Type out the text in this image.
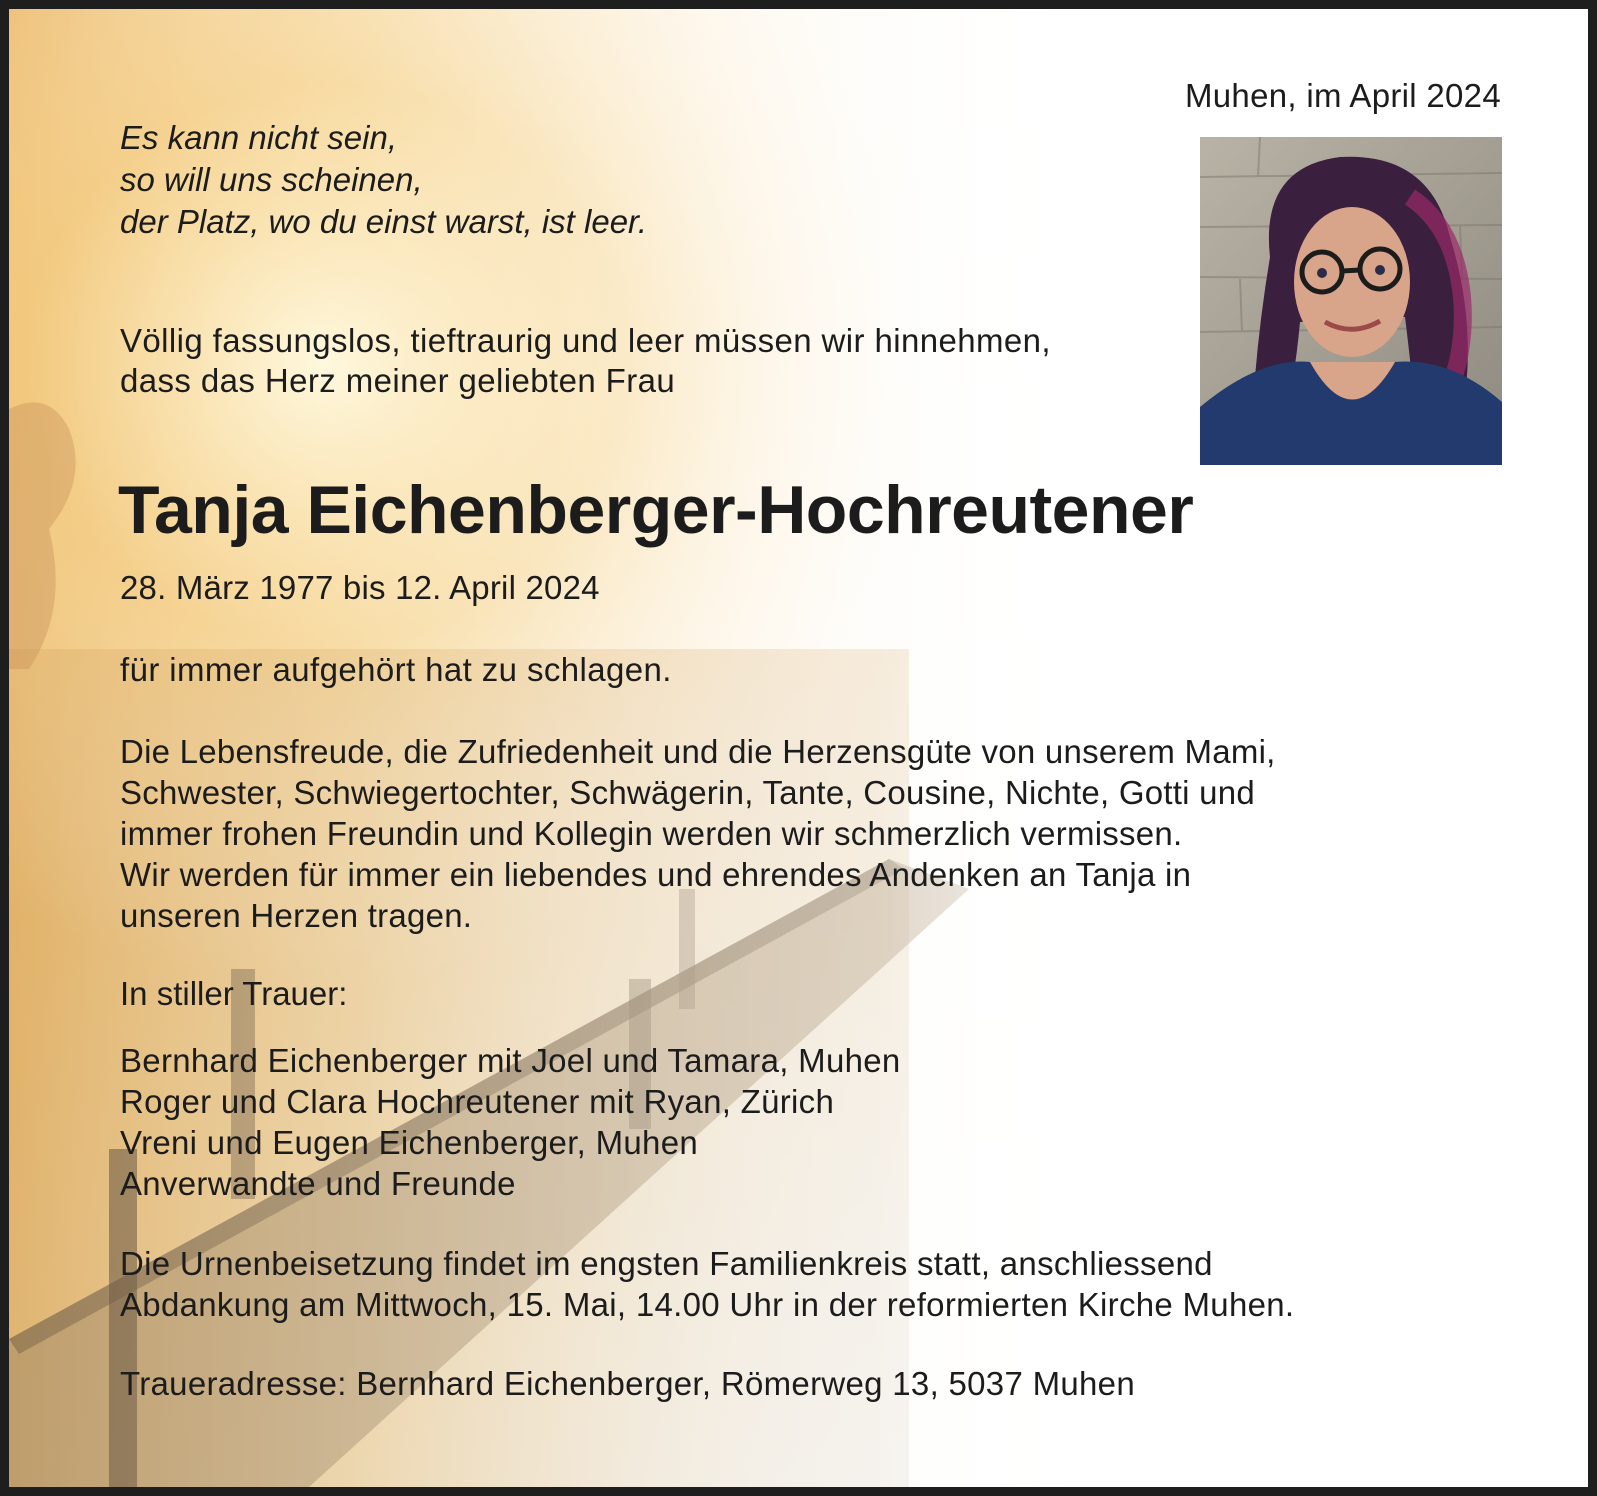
Muhen, im April 2024
Es kann nicht sein,
so will uns scheinen,
der Platz, wo du einst warst, ist leer.
Völlig fassungslos, tieftraurig und leer müssen wir hinnehmen,
dass das Herz meiner geliebten Frau
Tanja Eichenberger-Hochreutener
28. März 1977 bis 12. April 2024
für immer aufgehört hat zu schlagen.
Die Lebensfreude, die Zufriedenheit und die Herzensgüte von unserem Mami,
Schwester, Schwiegertochter, Schwägerin, Tante, Cousine, Nichte, Gotti und
immer frohen Freundin und Kollegin werden wir schmerzlich vermissen.
Wir werden für immer ein liebendes und ehrendes Andenken an Tanja in
unseren Herzen tragen.
In stiller Trauer:
Bernhard Eichenberger mit Joel und Tamara, Muhen
Roger und Clara Hochreutener mit Ryan, Zürich
Vreni und Eugen Eichenberger, Muhen
Anverwandte und Freunde
Die Urnenbeisetzung findet im engsten Familienkreis statt, anschliessend
Abdankung am Mittwoch, 15. Mai, 14.00 Uhr in der reformierten Kirche Muhen.
Traueradresse: Bernhard Eichenberger, Römerweg 13, 5037 Muhen
